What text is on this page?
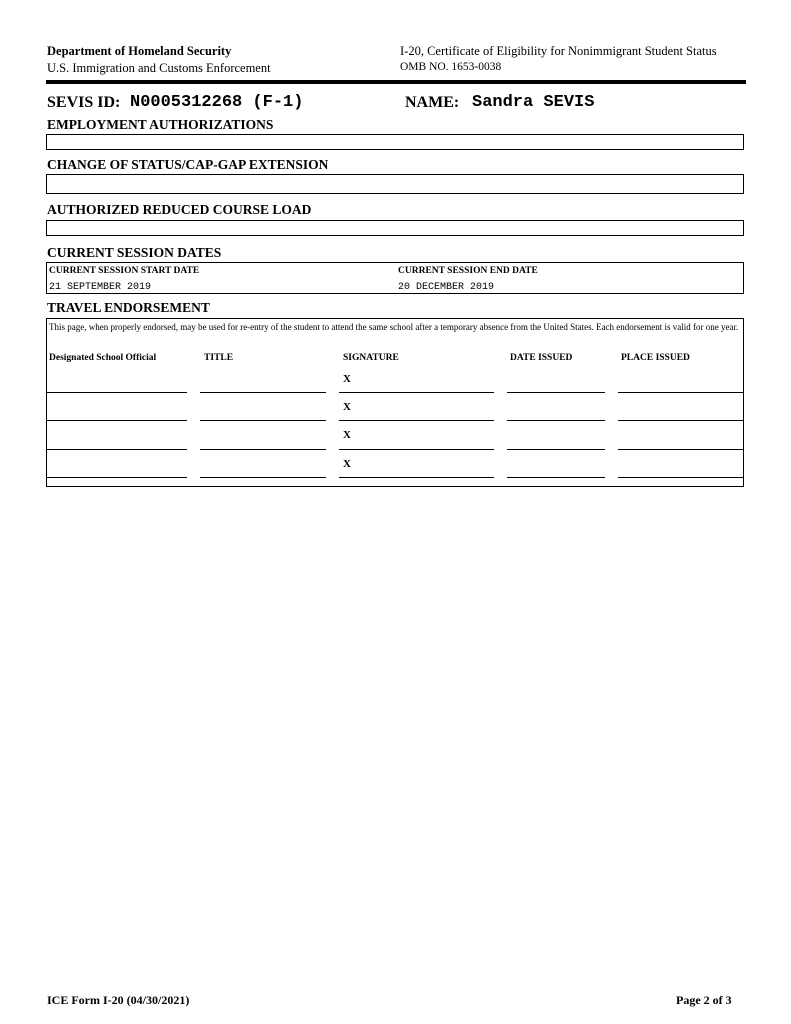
Department of Homeland Security
U.S. Immigration and Customs Enforcement
I-20, Certificate of Eligibility for Nonimmigrant Student Status
OMB NO. 1653-0038
SEVIS ID: N0005312268 (F-1)	NAME: Sandra SEVIS
EMPLOYMENT AUTHORIZATIONS
CHANGE OF STATUS/CAP-GAP EXTENSION
AUTHORIZED REDUCED COURSE LOAD
CURRENT SESSION DATES
CURRENT SESSION START DATE
21 SEPTEMBER 2019
CURRENT SESSION END DATE
20 DECEMBER 2019
TRAVEL ENDORSEMENT
This page, when properly endorsed, may be used for re-entry of the student to attend the same school after a temporary absence from the United States. Each endorsement is valid for one year.
Designated School Official	TITLE	SIGNATURE	DATE ISSUED	PLACE ISSUED
X
X
X
X
ICE Form I-20 (04/30/2021)	Page 2 of 3
